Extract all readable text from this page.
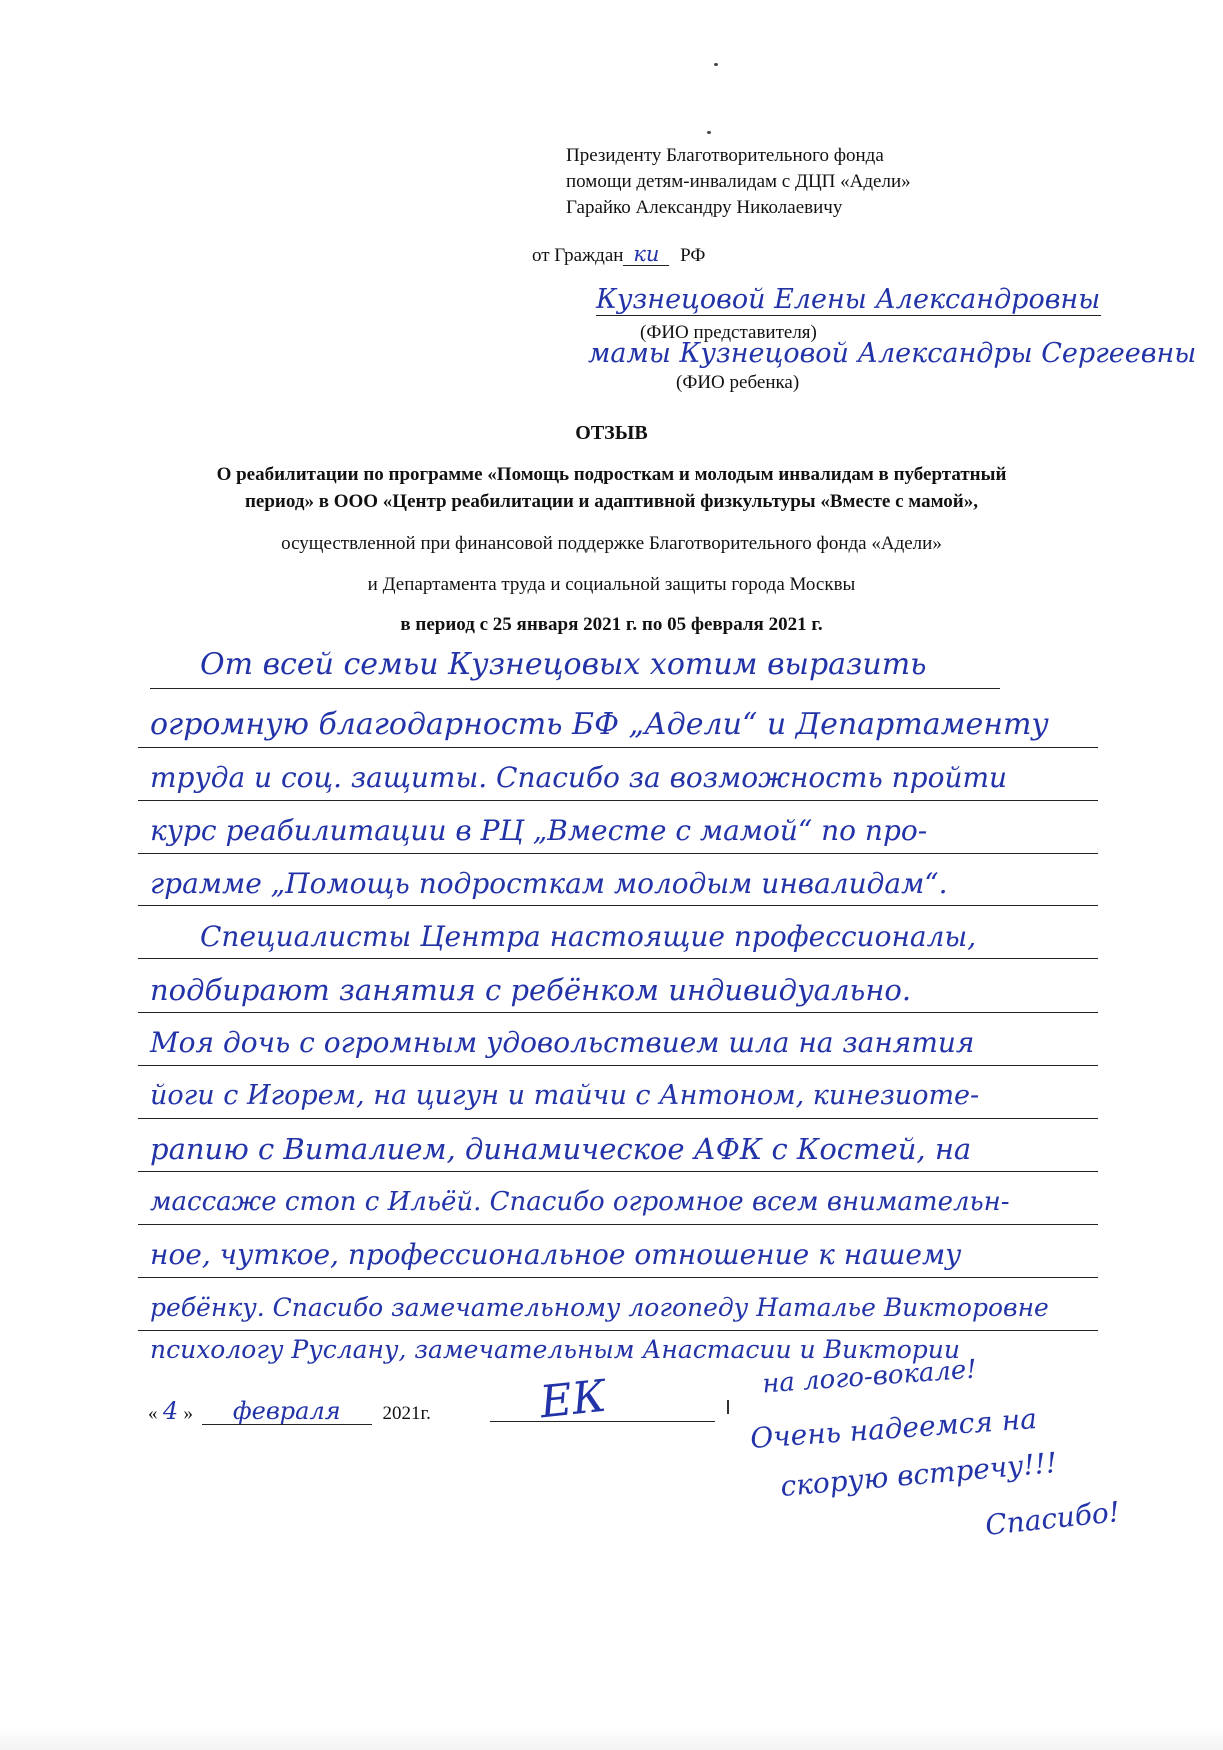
Президенту Благотворительного фонда
помощи детям-инвалидам с ДЦП «Адели»
Гарайко Александру Николаевичу
от Граждан ки РФ
Кузнецовой Елены Александровны
(ФИО представителя)
мамы Кузнецовой Александры Сергеевны
(ФИО ребенка)
ОТЗЫВ
О реабилитации по программе «Помощь подросткам и молодым инвалидам в пубертатный
период» в ООО «Центр реабилитации и адаптивной физкультуры «Вместе с мамой»,
осуществленной при финансовой поддержке Благотворительного фонда «Адели»
и Департамента труда и социальной защиты города Москвы
в период с 25 января 2021 г. по 05 февраля 2021 г.
От всей семьи Кузнецовых хотим выразить
огромную благодарность БФ „Адели“ и Департаменту
труда и соц. защиты. Спасибо за возможность пройти
курс реабилитации в РЦ „Вместе с мамой“ по про-
грамме „Помощь подросткам молодым инвалидам“.
Специалисты Центра настоящие профессионалы,
подбирают занятия с ребёнком индивидуально.
Моя дочь с огромным удовольствием шла на занятия
йоги с Игорем, на цигун и тайчи с Антоном, кинезиоте-
рапию с Виталием, динамическое АФК с Костей, на
массаже стоп с Ильёй. Спасибо огромное всем внимательн-
ное, чуткое, профессиональное отношение к нашему
ребёнку. Спасибо замечательному логопеду Наталье Викторовне
психологу Руслану, замечательным Анастасии и Виктории
« 4 » февраля 2021г. ЕК	на лого-вокале!
Очень надеемся на
скорую встречу!!!
Спасибо!
